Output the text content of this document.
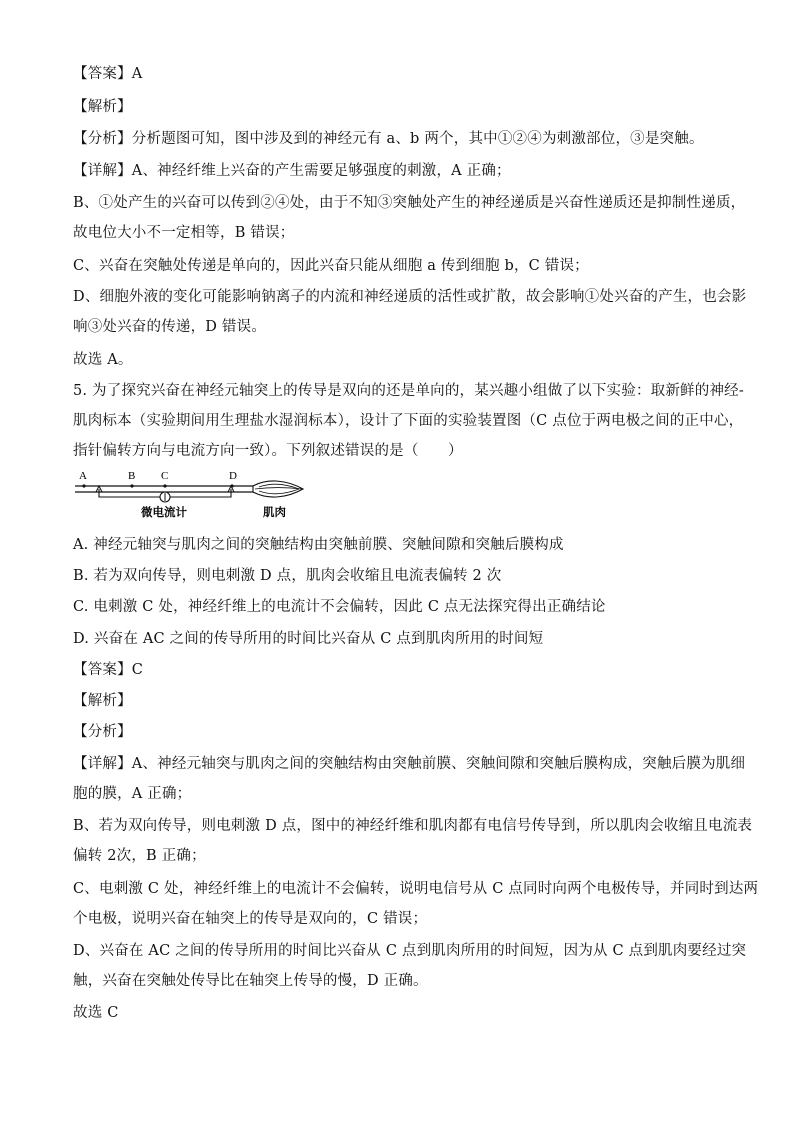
【答案】A
【解析】
【分析】分析题图可知，图中涉及到的神经元有 a、b 两个，其中①②④为刺激部位，③是突触。
【详解】A、神经纤维上兴奋的产生需要足够强度的刺激，A 正确；
B、①处产生的兴奋可以传到②④处，由于不知③突触处产生的神经递质是兴奋性递质还是抑制性递质，
故电位大小不一定相等，B 错误；
C、兴奋在突触处传递是单向的，因此兴奋只能从细胞 a 传到细胞 b，C 错误；
D、细胞外液的变化可能影响钠离子的内流和神经递质的活性或扩散，故会影响①处兴奋的产生，也会影
响③处兴奋的传递，D 错误。
故选 A。
5. 为了探究兴奋在神经元轴突上的传导是双向的还是单向的，某兴趣小组做了以下实验：取新鲜的神经-
肌肉标本（实验期间用生理盐水湿润标本），设计了下面的实验装置图（C 点位于两电极之间的正中心，
指针偏转方向与电流方向一致）。下列叙述错误的是（　　）
A	B C	D
微电流计	肌肉
A. 神经元轴突与肌肉之间的突触结构由突触前膜、突触间隙和突触后膜构成
B. 若为双向传导，则电刺激 D 点，肌肉会收缩且电流表偏转 2 次
C. 电刺激 C 处，神经纤维上的电流计不会偏转，因此 C 点无法探究得出正确结论
D. 兴奋在 AC 之间的传导所用的时间比兴奋从 C 点到肌肉所用的时间短
【答案】C
【解析】
【分析】
【详解】A、神经元轴突与肌肉之间的突触结构由突触前膜、突触间隙和突触后膜构成，突触后膜为肌细
胞的膜，A 正确；
B、若为双向传导，则电刺激 D 点，图中的神经纤维和肌肉都有电信号传导到，所以肌肉会收缩且电流表
偏转 2次，B 正确；
C、电刺激 C 处，神经纤维上的电流计不会偏转，说明电信号从 C 点同时向两个电极传导，并同时到达两
个电极，说明兴奋在轴突上的传导是双向的，C 错误；
D、兴奋在 AC 之间的传导所用的时间比兴奋从 C 点到肌肉所用的时间短，因为从 C 点到肌肉要经过突
触，兴奋在突触处传导比在轴突上传导的慢，D 正确。
故选 C
